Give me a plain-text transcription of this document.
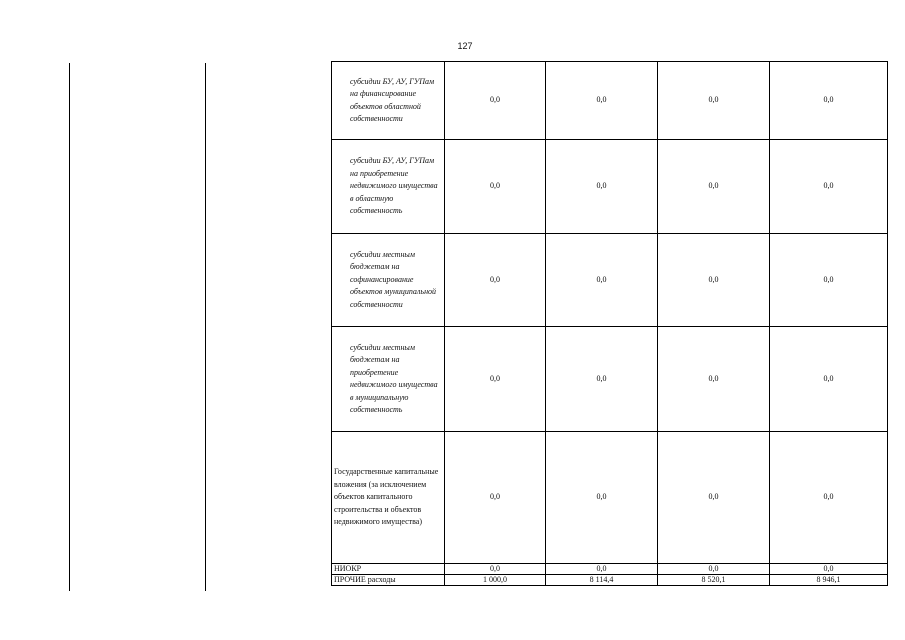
127
субсидии БУ, АУ, ГУПам на финансирование объектов областной собственности	0,0	0,0	0,0	0,0
субсидии БУ, АУ, ГУПам на приобретение недвижимого имущества в областную собственность	0,0	0,0	0,0	0,0
субсидии местным бюджетам на софинансирование объектов муниципальной собственности	0,0	0,0	0,0	0,0
субсидии местным бюджетам на приобретение недвижимого имущества в муниципальную собственность	0,0	0,0	0,0	0,0
Государственные капитальные вложения (за исключением объектов капитального строительства и объектов недвижимого имущества)	0,0	0,0	0,0	0,0
НИОКР	0,0	0,0	0,0	0,0
ПРОЧИЕ расходы	1 000,0	8 114,4	8 520,1	8 946,1
